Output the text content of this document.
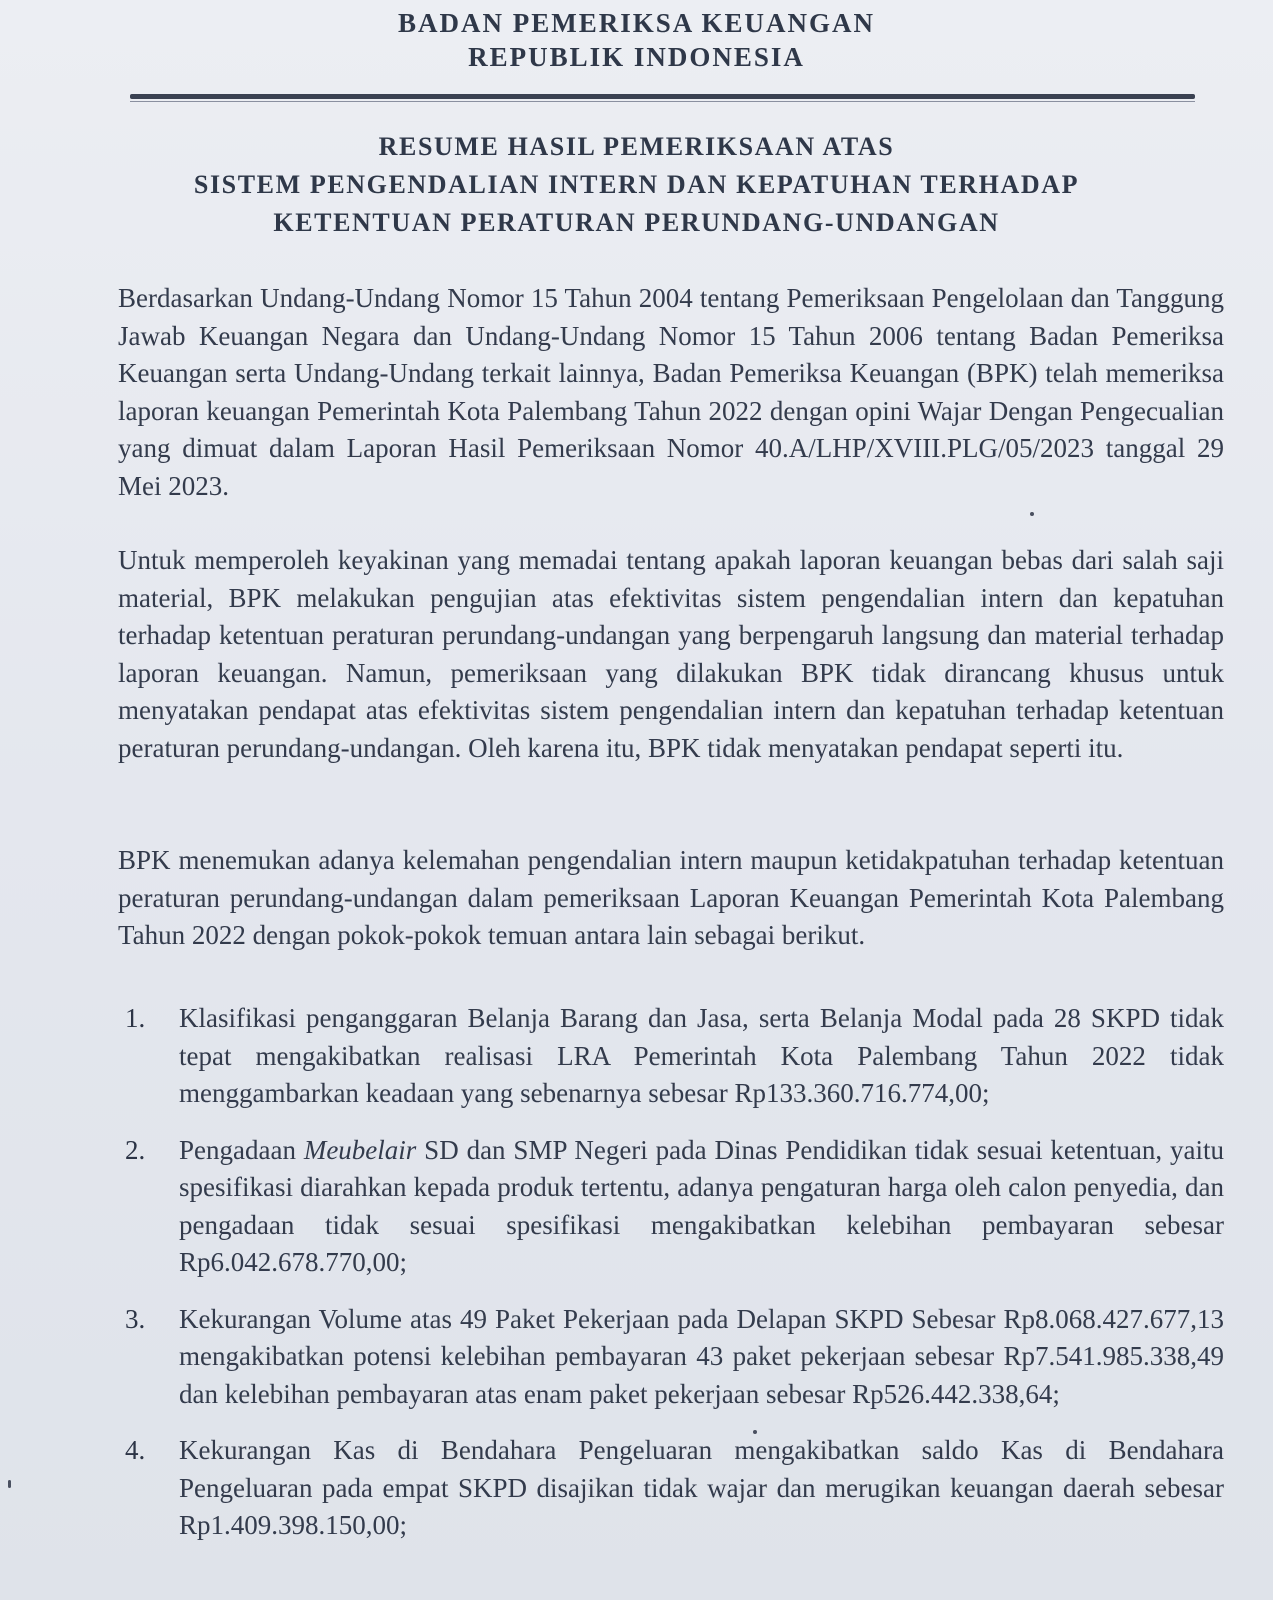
BADAN PEMERIKSA KEUANGAN
REPUBLIK INDONESIA
RESUME HASIL PEMERIKSAAN ATAS
SISTEM PENGENDALIAN INTERN DAN KEPATUHAN TERHADAP
KETENTUAN PERATURAN PERUNDANG-UNDANGAN
Berdasarkan Undang-Undang Nomor 15 Tahun 2004 tentang Pemeriksaan Pengelolaan dan Tanggung Jawab Keuangan Negara dan Undang-Undang Nomor 15 Tahun 2006 tentang Badan Pemeriksa Keuangan serta Undang-Undang terkait lainnya, Badan Pemeriksa Keuangan (BPK) telah memeriksa laporan keuangan Pemerintah Kota Palembang Tahun 2022 dengan opini Wajar Dengan Pengecualian yang dimuat dalam Laporan Hasil Pemeriksaan Nomor 40.A/LHP/XVIII.PLG/05/2023 tanggal 29 Mei 2023.
Untuk memperoleh keyakinan yang memadai tentang apakah laporan keuangan bebas dari salah saji material, BPK melakukan pengujian atas efektivitas sistem pengendalian intern dan kepatuhan terhadap ketentuan peraturan perundang-undangan yang berpengaruh langsung dan material terhadap laporan keuangan. Namun, pemeriksaan yang dilakukan BPK tidak dirancang khusus untuk menyatakan pendapat atas efektivitas sistem pengendalian intern dan kepatuhan terhadap ketentuan peraturan perundang-undangan. Oleh karena itu, BPK tidak menyatakan pendapat seperti itu.
BPK menemukan adanya kelemahan pengendalian intern maupun ketidakpatuhan terhadap ketentuan peraturan perundang-undangan dalam pemeriksaan Laporan Keuangan Pemerintah Kota Palembang Tahun 2022 dengan pokok-pokok temuan antara lain sebagai berikut.
1. Klasifikasi penganggaran Belanja Barang dan Jasa, serta Belanja Modal pada 28 SKPD tidak tepat mengakibatkan realisasi LRA Pemerintah Kota Palembang Tahun 2022 tidak menggambarkan keadaan yang sebenarnya sebesar Rp133.360.716.774,00;
2. Pengadaan Meubelair SD dan SMP Negeri pada Dinas Pendidikan tidak sesuai ketentuan, yaitu spesifikasi diarahkan kepada produk tertentu, adanya pengaturan harga oleh calon penyedia, dan pengadaan tidak sesuai spesifikasi mengakibatkan kelebihan pembayaran sebesar Rp6.042.678.770,00;
3. Kekurangan Volume atas 49 Paket Pekerjaan pada Delapan SKPD Sebesar Rp8.068.427.677,13 mengakibatkan potensi kelebihan pembayaran 43 paket pekerjaan sebesar Rp7.541.985.338,49 dan kelebihan pembayaran atas enam paket pekerjaan sebesar Rp526.442.338,64;
4. Kekurangan Kas di Bendahara Pengeluaran mengakibatkan saldo Kas di Bendahara Pengeluaran pada empat SKPD disajikan tidak wajar dan merugikan keuangan daerah sebesar Rp1.409.398.150,00;
